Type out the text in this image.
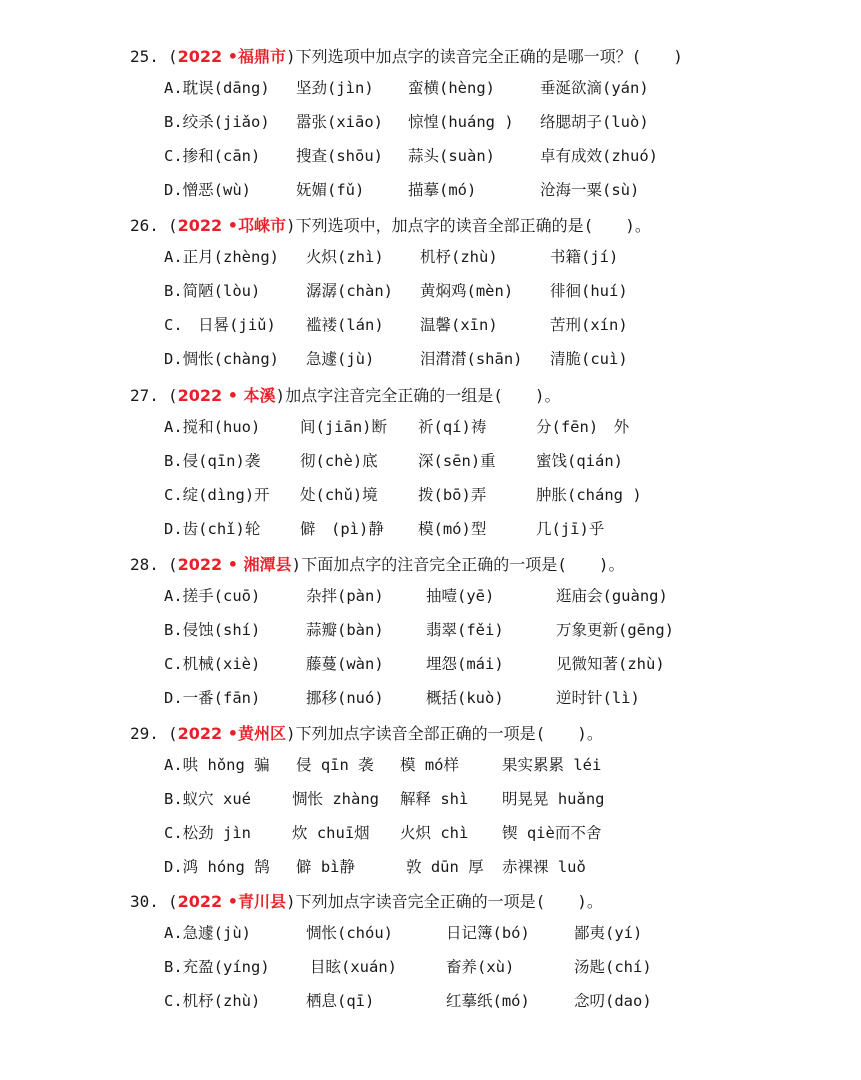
25. (2022 •福鼎市)下列选项中加点字的读音完全正确的是哪一项？(　　)
A.耽误(dāng) 坚劲(jìn) 蛮横(hèng)	垂涎欲滴(yán)
B.绞杀(jiǎo) 嚣张(xiāo) 惊惶(huáng ) 络腮胡子(luò)
C.掺和(cān) 搜查(shōu) 蒜头(suàn)	卓有成效(zhuó)
D.憎恶(wù)	妩媚(fǔ)	描摹(mó)	沧海一粟(sù)
26. (2022 •邛崃市)下列选项中，加点字的读音全部正确的是(　　)。
A.正月(zhèng) 火炽(zhì) 机杼(zhù)	书籍(jí)
B.简陋(lòu)	潺潺(chàn) 黄焖鸡(mèn) 徘徊(huí)
C.　日晷(jiǔ) 褴褛(lán) 温馨(xīn)	苦刑(xín)
D.惆怅(chàng) 急遽(jù)	泪潸潸(shān) 清脆(cuì)
27. (2022 • 本溪)加点字注音完全正确的一组是(　　)。
A.搅和(huo)	间(jiān)断 祈(qí)祷	分(fēn)　外
B.侵(qīn)袭	彻(chè)底	深(sēn)重	蜜饯(qián)
C.绽(dìng)开 处(chǔ)境	拨(bō)弄	肿胀(cháng )
D.齿(chǐ)轮	僻　(pì)静 模(mó)型	几(jī)乎
28. (2022 • 湘潭县)下面加点字的注音完全正确的一项是(　　)。
A.搓手(cuō)	杂拌(pàn)	抽噎(yē)	逛庙会(guàng)
B.侵蚀(shí)	蒜瓣(bàn)	翡翠(fěi)	万象更新(gēng)
C.机械(xiè)	藤蔓(wàn)	埋怨(mái)	见微知著(zhù)
D.一番(fān)	挪移(nuó)	概括(kuò)	逆时针(lì)
29. (2022 •黄州区)下列加点字读音全部正确的一项是(　　)。
A.哄 hǒng 骗 侵 qīn 袭 模 mó样	果实累累 léi
B.蚁穴 xué	惆怅 zhàng 解释 shì 明晃晃 huǎng
C.松劲 jìn	炊 chuī烟 火炽 chì 锲 qiè而不舍
D.鸿 hóng 鹄 僻 bì静	敦 dūn 厚 赤裸裸 luǒ
30. (2022 •青川县)下列加点字读音完全正确的一项是(　　)。
A.急遽(jù)	惆怅(chóu)	日记簿(bó)	鄙夷(yí)
B.充盈(yíng)	目眩(xuán)	畜养(xù)	汤匙(chí)
C.机杼(zhù)	栖息(qī)	红摹纸(mó)	念叨(dao)
